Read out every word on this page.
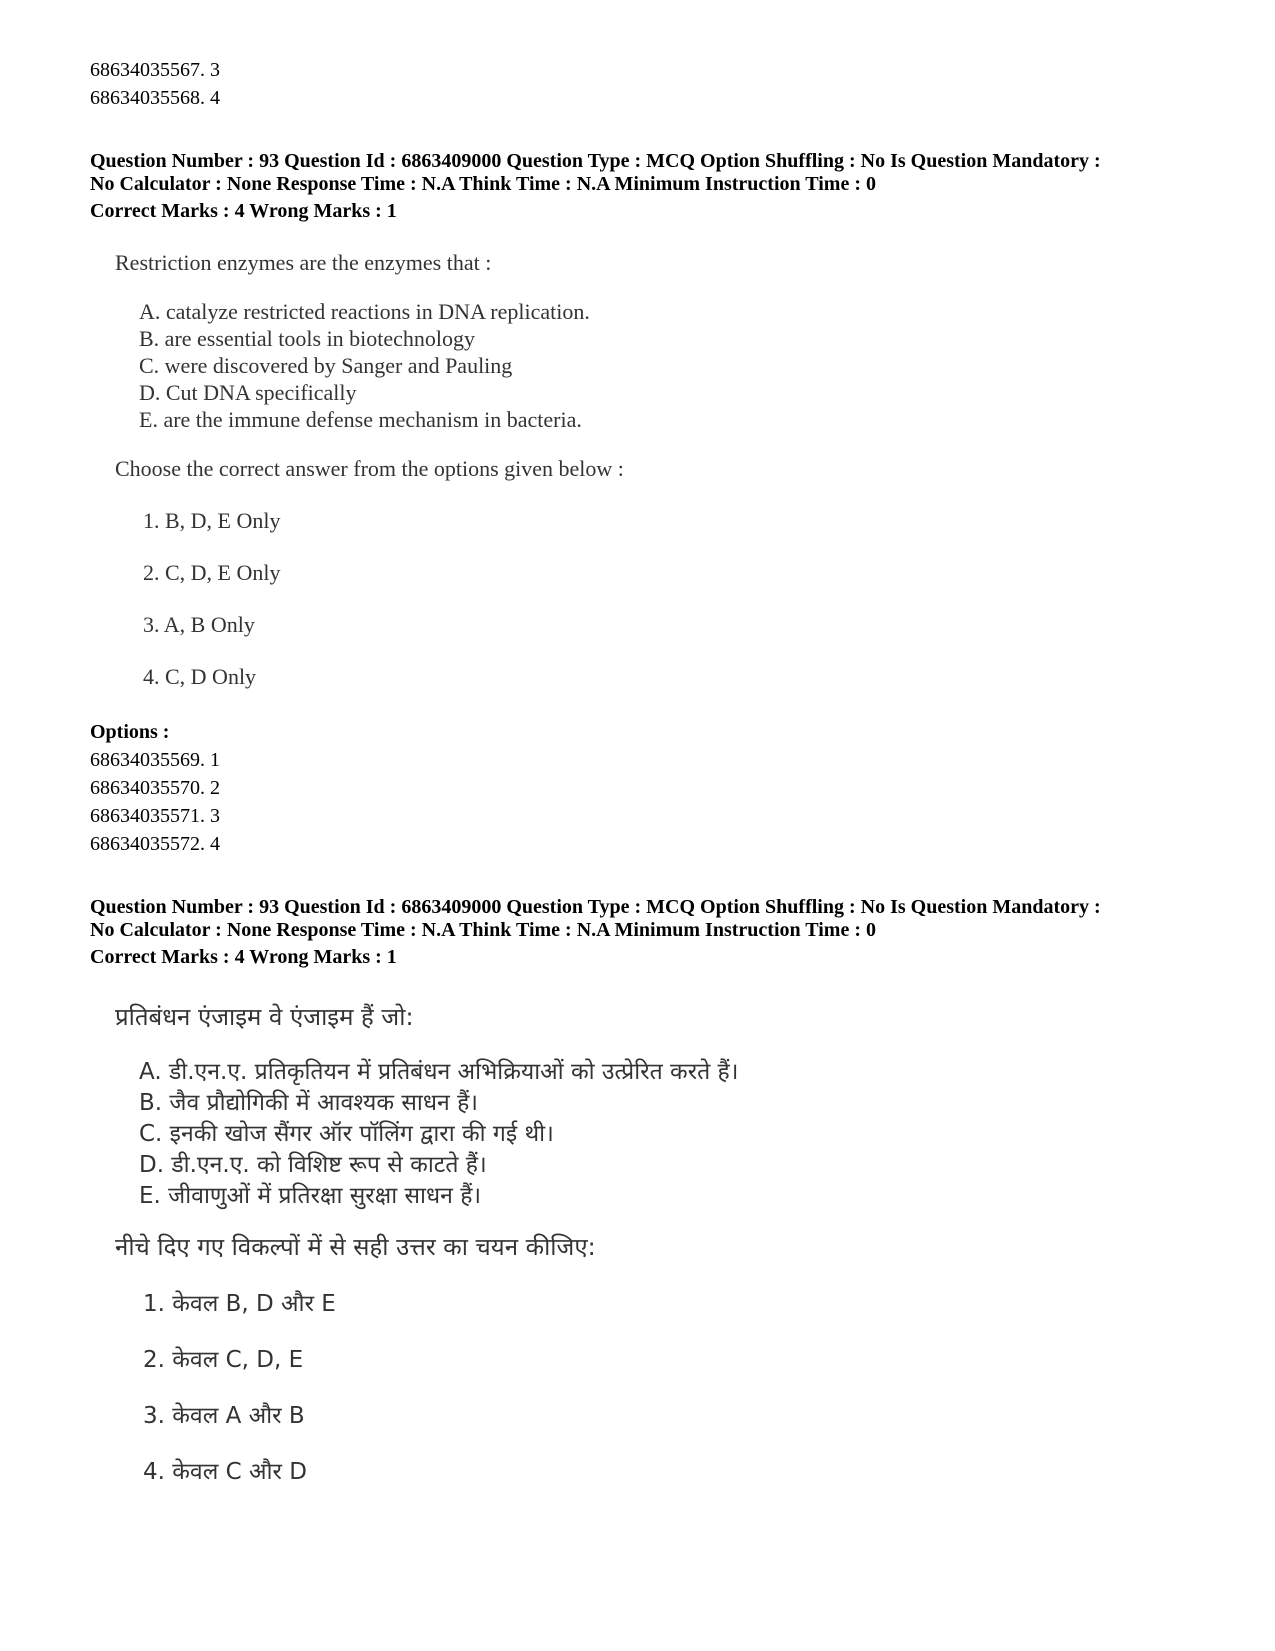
68634035567. 3
68634035568. 4
Question Number : 93 Question Id : 6863409000 Question Type : MCQ Option Shuffling : No Is Question Mandatory :
No Calculator : None Response Time : N.A Think Time : N.A Minimum Instruction Time : 0
Correct Marks : 4 Wrong Marks : 1
Restriction enzymes are the enzymes that :
A. catalyze restricted reactions in DNA replication.
B. are essential tools in biotechnology
C. were discovered by Sanger and Pauling
D. Cut DNA specifically
E. are the immune defense mechanism in bacteria.
Choose the correct answer from the options given below :
1. B, D, E Only
2. C, D, E Only
3. A, B Only
4. C, D Only
Options :
68634035569. 1
68634035570. 2
68634035571. 3
68634035572. 4
Question Number : 93 Question Id : 6863409000 Question Type : MCQ Option Shuffling : No Is Question Mandatory :
No Calculator : None Response Time : N.A Think Time : N.A Minimum Instruction Time : 0
Correct Marks : 4 Wrong Marks : 1
प्रतिबंधन एंजाइम वे एंजाइम हैं जो:
A. डी.एन.ए. प्रतिकृतियन में प्रतिबंधन अभिक्रियाओं को उत्प्रेरित करते हैं।
B. जैव प्रौद्योगिकी में आवश्यक साधन हैं।
C. इनकी खोज सैंगर ऑर पॉलिंग द्वारा की गई थी।
D. डी.एन.ए. को विशिष्ट रूप से काटते हैं।
E. जीवाणुओं में प्रतिरक्षा सुरक्षा साधन हैं।
नीचे दिए गए विकल्पों में से सही उत्तर का चयन कीजिए:
1. केवल B, D और E
2. केवल C, D, E
3. केवल A और B
4. केवल C और D
